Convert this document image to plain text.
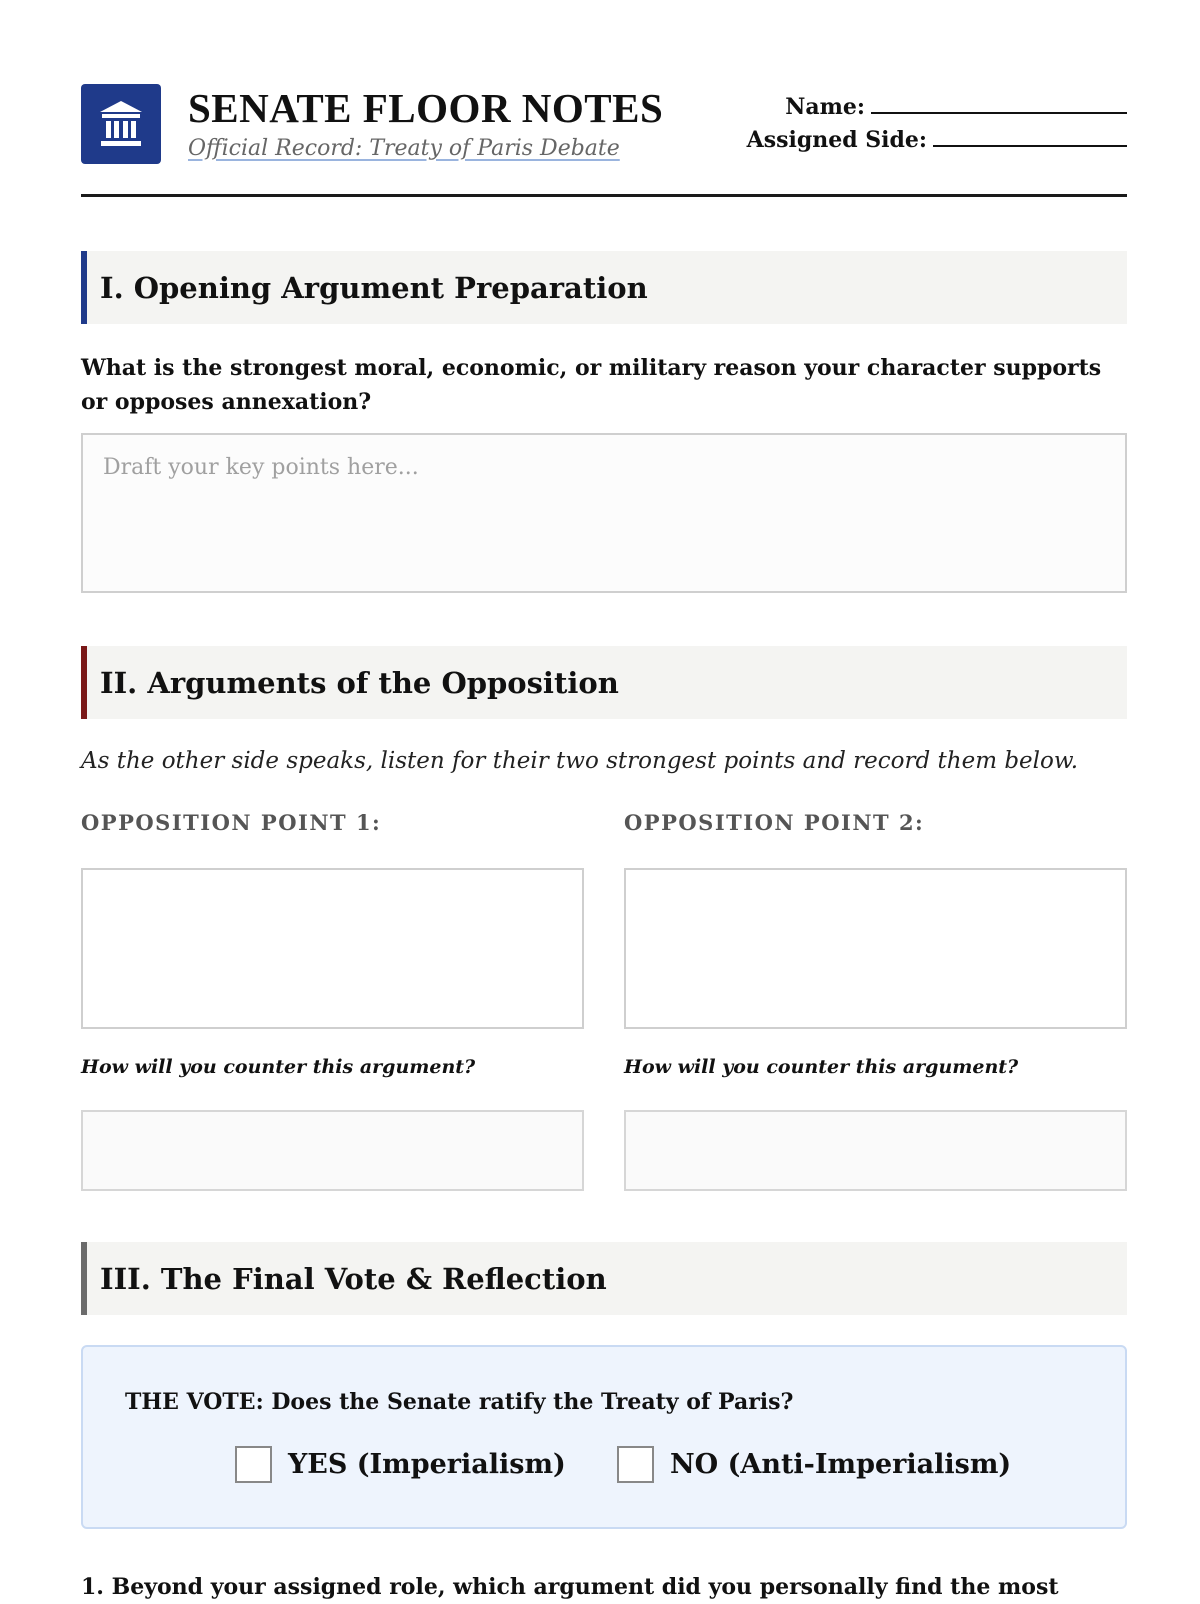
SENATE FLOOR NOTES
Official Record: Treaty of Paris Debate
Name:
Assigned Side:
I. Opening Argument Preparation

What is the strongest moral, economic, or military reason your character supports or opposes annexation?

Draft your key points here...
II. Arguments of the Opposition

As the other side speaks, listen for their two strongest points and record them below.

OPPOSITION POINT 1:	OPPOSITION POINT 2:
How will you counter this argument?	How will you counter this argument?
III. The Final Vote & Reflection
THE VOTE: Does the Senate ratify the Treaty of Paris?
YES (Imperialism)	NO (Anti-Imperialism)

1. Beyond your assigned role, which argument did you personally find the most
